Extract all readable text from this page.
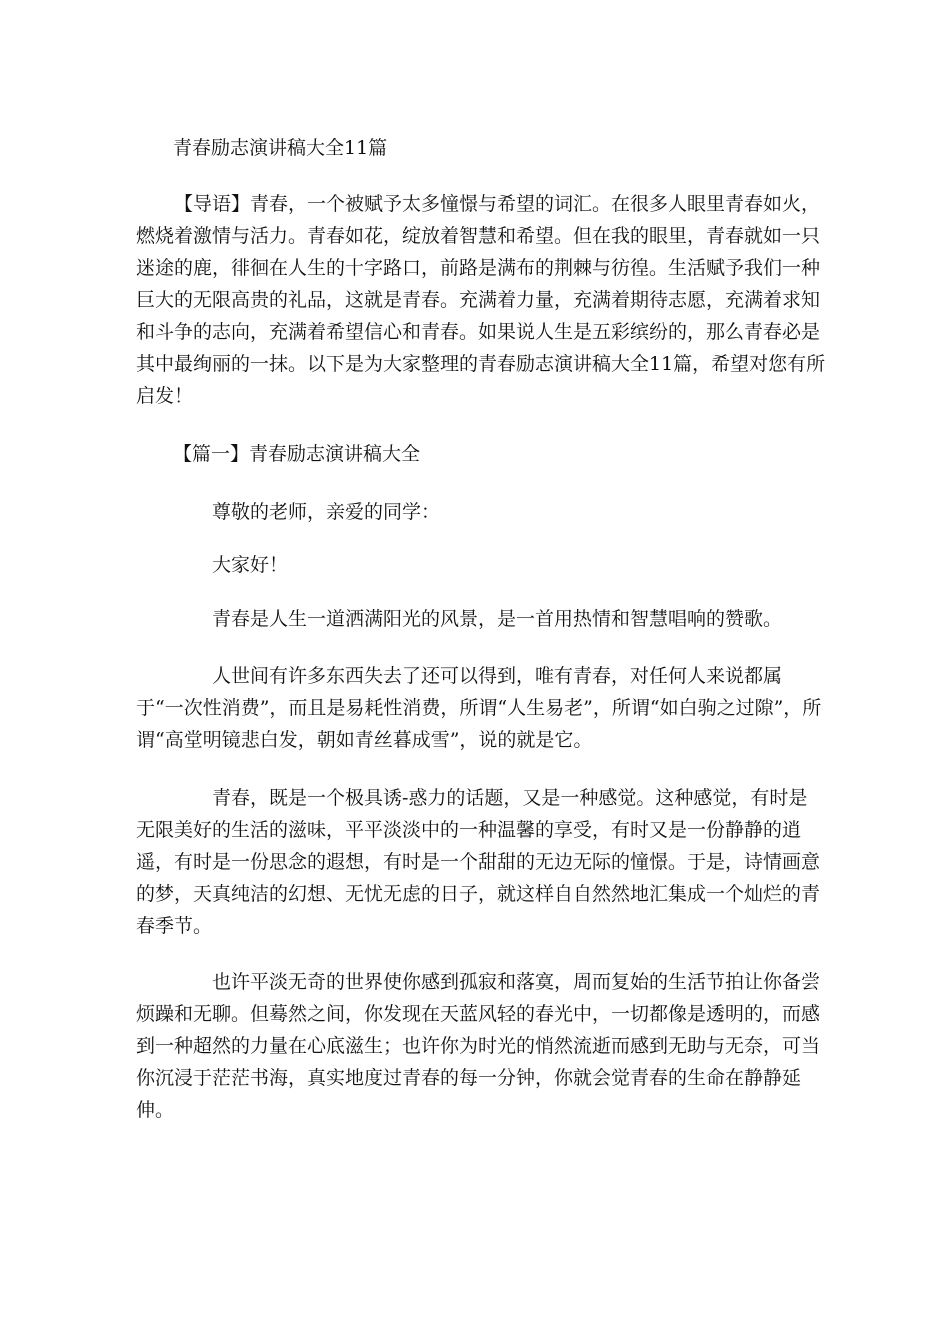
青春励志演讲稿大全11篇

【导语】青春，一个被赋予太多憧憬与希望的词汇。在很多人眼里青春如火，燃烧着激情与活力。青春如花，绽放着智慧和希望。但在我的眼里，青春就如一只迷途的鹿，徘徊在人生的十字路口，前路是满布的荆棘与彷徨。生活赋予我们一种巨大的无限高贵的礼品，这就是青春。充满着力量，充满着期待志愿，充满着求知和斗争的志向，充满着希望信心和青春。如果说人生是五彩缤纷的，那么青春必是其中最绚丽的一抹。以下是为大家整理的青春励志演讲稿大全11篇，希望对您有所启发！

【篇一】青春励志演讲稿大全

尊敬的老师，亲爱的同学：

大家好！

青春是人生一道洒满阳光的风景，是一首用热情和智慧唱响的赞歌。

人世间有许多东西失去了还可以得到，唯有青春，对任何人来说都属于“一次性消费”，而且是易耗性消费，所谓“人生易老”，所谓“如白驹之过隙”，所谓“高堂明镜悲白发，朝如青丝暮成雪”，说的就是它。

青春，既是一个极具诱-惑力的话题，又是一种感觉。这种感觉，有时是无限美好的生活的滋味，平平淡淡中的一种温馨的享受，有时又是一份静静的逍遥，有时是一份思念的遐想，有时是一个甜甜的无边无际的憧憬。于是，诗情画意的梦，天真纯洁的幻想、无忧无虑的日子，就这样自自然然地汇集成一个灿烂的青春季节。

也许平淡无奇的世界使你感到孤寂和落寞，周而复始的生活节拍让你备尝烦躁和无聊。但蓦然之间，你发现在天蓝风轻的春光中，一切都像是透明的，而感到一种超然的力量在心底滋生；也许你为时光的悄然流逝而感到无助与无奈，可当你沉浸于茫茫书海，真实地度过青春的每一分钟，你就会觉青春的生命在静静延伸。
